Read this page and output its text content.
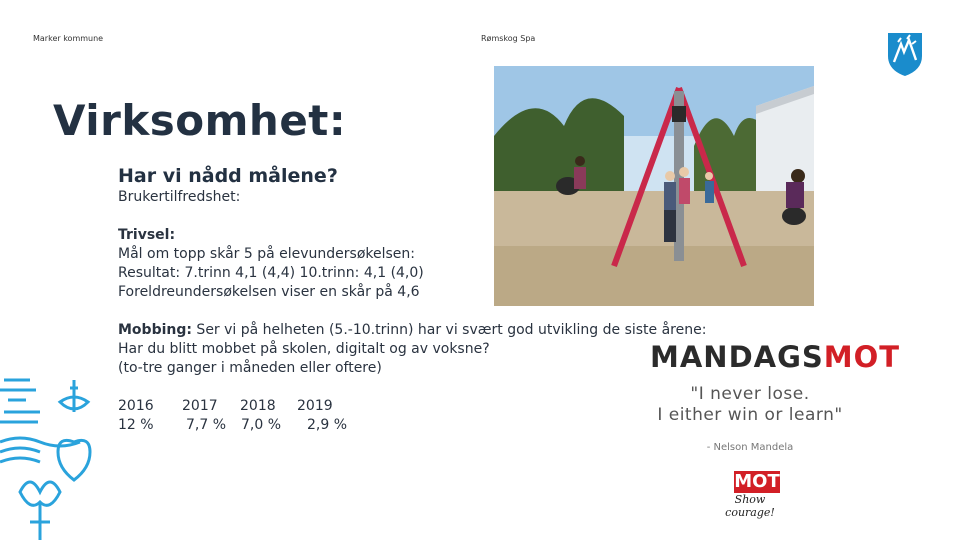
Marker kommune	Rømskog Spa
Virksomhet:
Har vi nådd målene?
Brukertilfredshet:
Trivsel:
Mål om topp skår 5 på elevundersøkelsen:
Resultat: 7.trinn 4,1 (4,4) 10.trinn: 4,1 (4,0)
Foreldreundersøkelsen viser en skår på 4,6
Mobbing: Ser vi på helheten (5.-10.trinn) har vi svært god utvikling de siste årene:
Har du blitt mobbet på skolen, digitalt og av voksne?
(to-tre ganger i måneden eller oftere)
2016	2017	2018	2019
12 %	7,7 %	7,0 %	2,9 %
MANDAGSMOT
"I never lose.
I either win or learn"
- Nelson Mandela
MOT
Show courage!
